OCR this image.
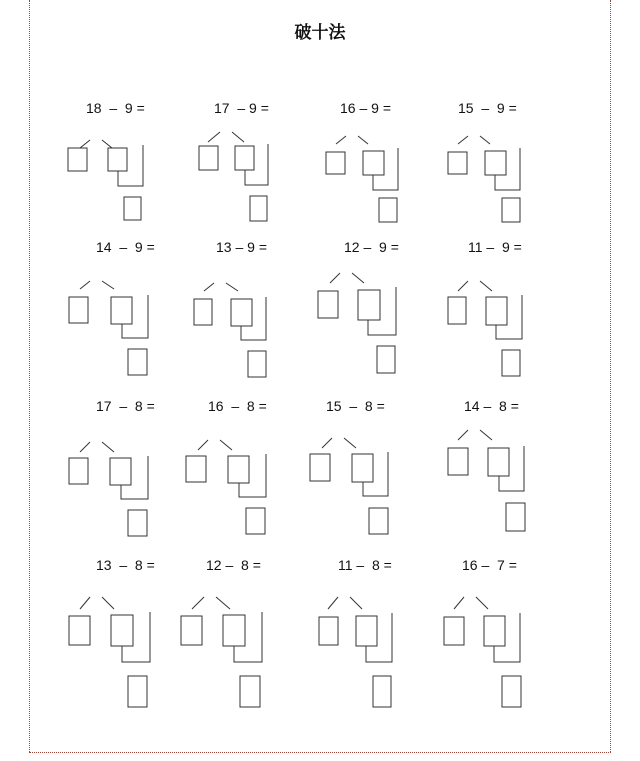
破十法
18  –  9 =	17  – 9 =	16 – 9 =	15  –  9 =
14  –  9 =	13 – 9 =	12 –  9 =	11 –  9 =
17  –  8 =	16  –  8 =	15  –  8 =	14 –  8 =
13  –  8 =	12 –  8 =	11 –  8 =	16 –  7 =
